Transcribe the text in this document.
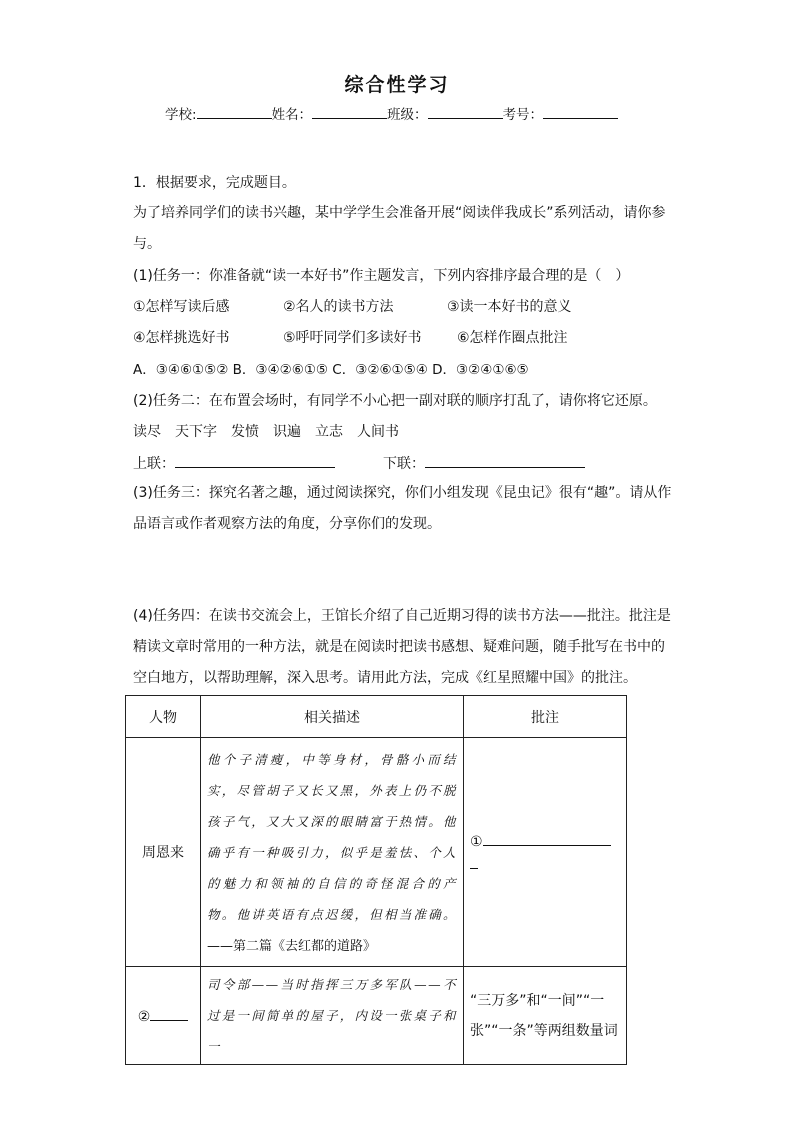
综合性学习
学校:	姓名：	班级：	考号：
1．根据要求，完成题目。
为了培养同学们的读书兴趣，某中学学生会准备开展“阅读伴我成长”系列活动，请你参与。
(1)任务一：你准备就“读一本好书”作主题发言，下列内容排序最合理的是（　）
①怎样写读后感	②名人的读书方法	③读一本好书的意义
④怎样挑选好书	⑤呼吁同学们多读好书	⑥怎样作圈点批注
A．③④⑥①⑤② B．③④②⑥①⑤ C．③②⑥①⑤④ D．③②④①⑥⑤
(2)任务二：在布置会场时，有同学不小心把一副对联的顺序打乱了，请你将它还原。
读尽　天下字　发愤　识遍　立志　人间书
上联：	下联：
(3)任务三：探究名著之趣，通过阅读探究，你们小组发现《昆虫记》很有“趣”。请从作品语言或作者观察方法的角度，分享你们的发现。
(4)任务四：在读书交流会上，王馆长介绍了自己近期习得的读书方法——批注。批注是精读文章时常用的一种方法，就是在阅读时把读书感想、疑难问题，随手批写在书中的空白地方，以帮助理解，深入思考。请用此方法，完成《红星照耀中国》的批注。
人物	相关描述	批注
周恩来	他个子清瘦，中等身材，骨骼小而结实，尽管胡子又长又黑，外表上仍不脱孩子气，又大又深的眼睛富于热情。他确乎有一种吸引力，似乎是羞怯、个人的魅力和领袖的自信的奇怪混合的产物。他讲英语有点迟缓，但相当准确。——第二篇《去红都的道路》	①

②	司令部——当时指挥三万多军队——不过是一间简单的屋子，内设一张桌子和一	“三万多”和“一间”“一张”“一条”等两组数量词
